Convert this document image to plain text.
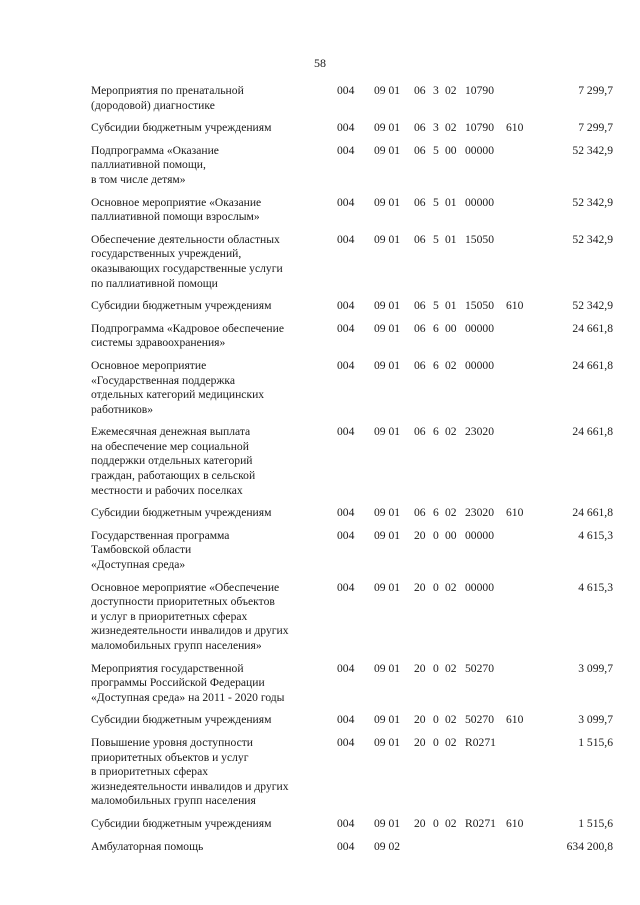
58
Мероприятия по пренатальной
(дородовой) диагностике	004	09 01	06	3	02	10790		7 299,7

Субсидии бюджетным учреждениям	004	09 01	06	3	02	10790	610	7 299,7

Подпрограмма «Оказание
паллиативной помощи,
в том числе детям»	004	09 01	06	5	00	00000		52 342,9

Основное мероприятие «Оказание
паллиативной помощи взрослым»	004	09 01	06	5	01	00000		52 342,9

Обеспечение деятельности областных
государственных учреждений,
оказывающих государственные услуги
по паллиативной помощи	004	09 01	06	5	01	15050		52 342,9

Субсидии бюджетным учреждениям	004	09 01	06	5	01	15050	610	52 342,9

Подпрограмма «Кадровое обеспечение
системы здравоохранения»	004	09 01	06	6	00	00000		24 661,8

Основное мероприятие
«Государственная поддержка
отдельных категорий медицинских
работников»	004	09 01	06	6	02	00000		24 661,8

Ежемесячная денежная выплата
на обеспечение мер социальной
поддержки отдельных категорий
граждан, работающих в сельской
местности и рабочих поселках	004	09 01	06	6	02	23020		24 661,8

Субсидии бюджетным учреждениям	004	09 01	06	6	02	23020	610	24 661,8

Государственная программа
Тамбовской области
«Доступная среда»	004	09 01	20	0	00	00000		4 615,3

Основное мероприятие «Обеспечение
доступности приоритетных объектов
и услуг в приоритетных сферах
жизнедеятельности инвалидов и других
маломобильных групп населения»	004	09 01	20	0	02	00000		4 615,3

Мероприятия государственной
программы Российской Федерации
«Доступная среда» на 2011 - 2020 годы	004	09 01	20	0	02	50270		3 099,7

Субсидии бюджетным учреждениям	004	09 01	20	0	02	50270	610	3 099,7

Повышение уровня доступности
приоритетных объектов и услуг
в приоритетных сферах
жизнедеятельности инвалидов и других
маломобильных групп населения	004	09 01	20	0	02	R0271		1 515,6

Субсидии бюджетным учреждениям	004	09 01	20	0	02	R0271	610	1 515,6

Амбулаторная помощь	004	09 02						634 200,8
